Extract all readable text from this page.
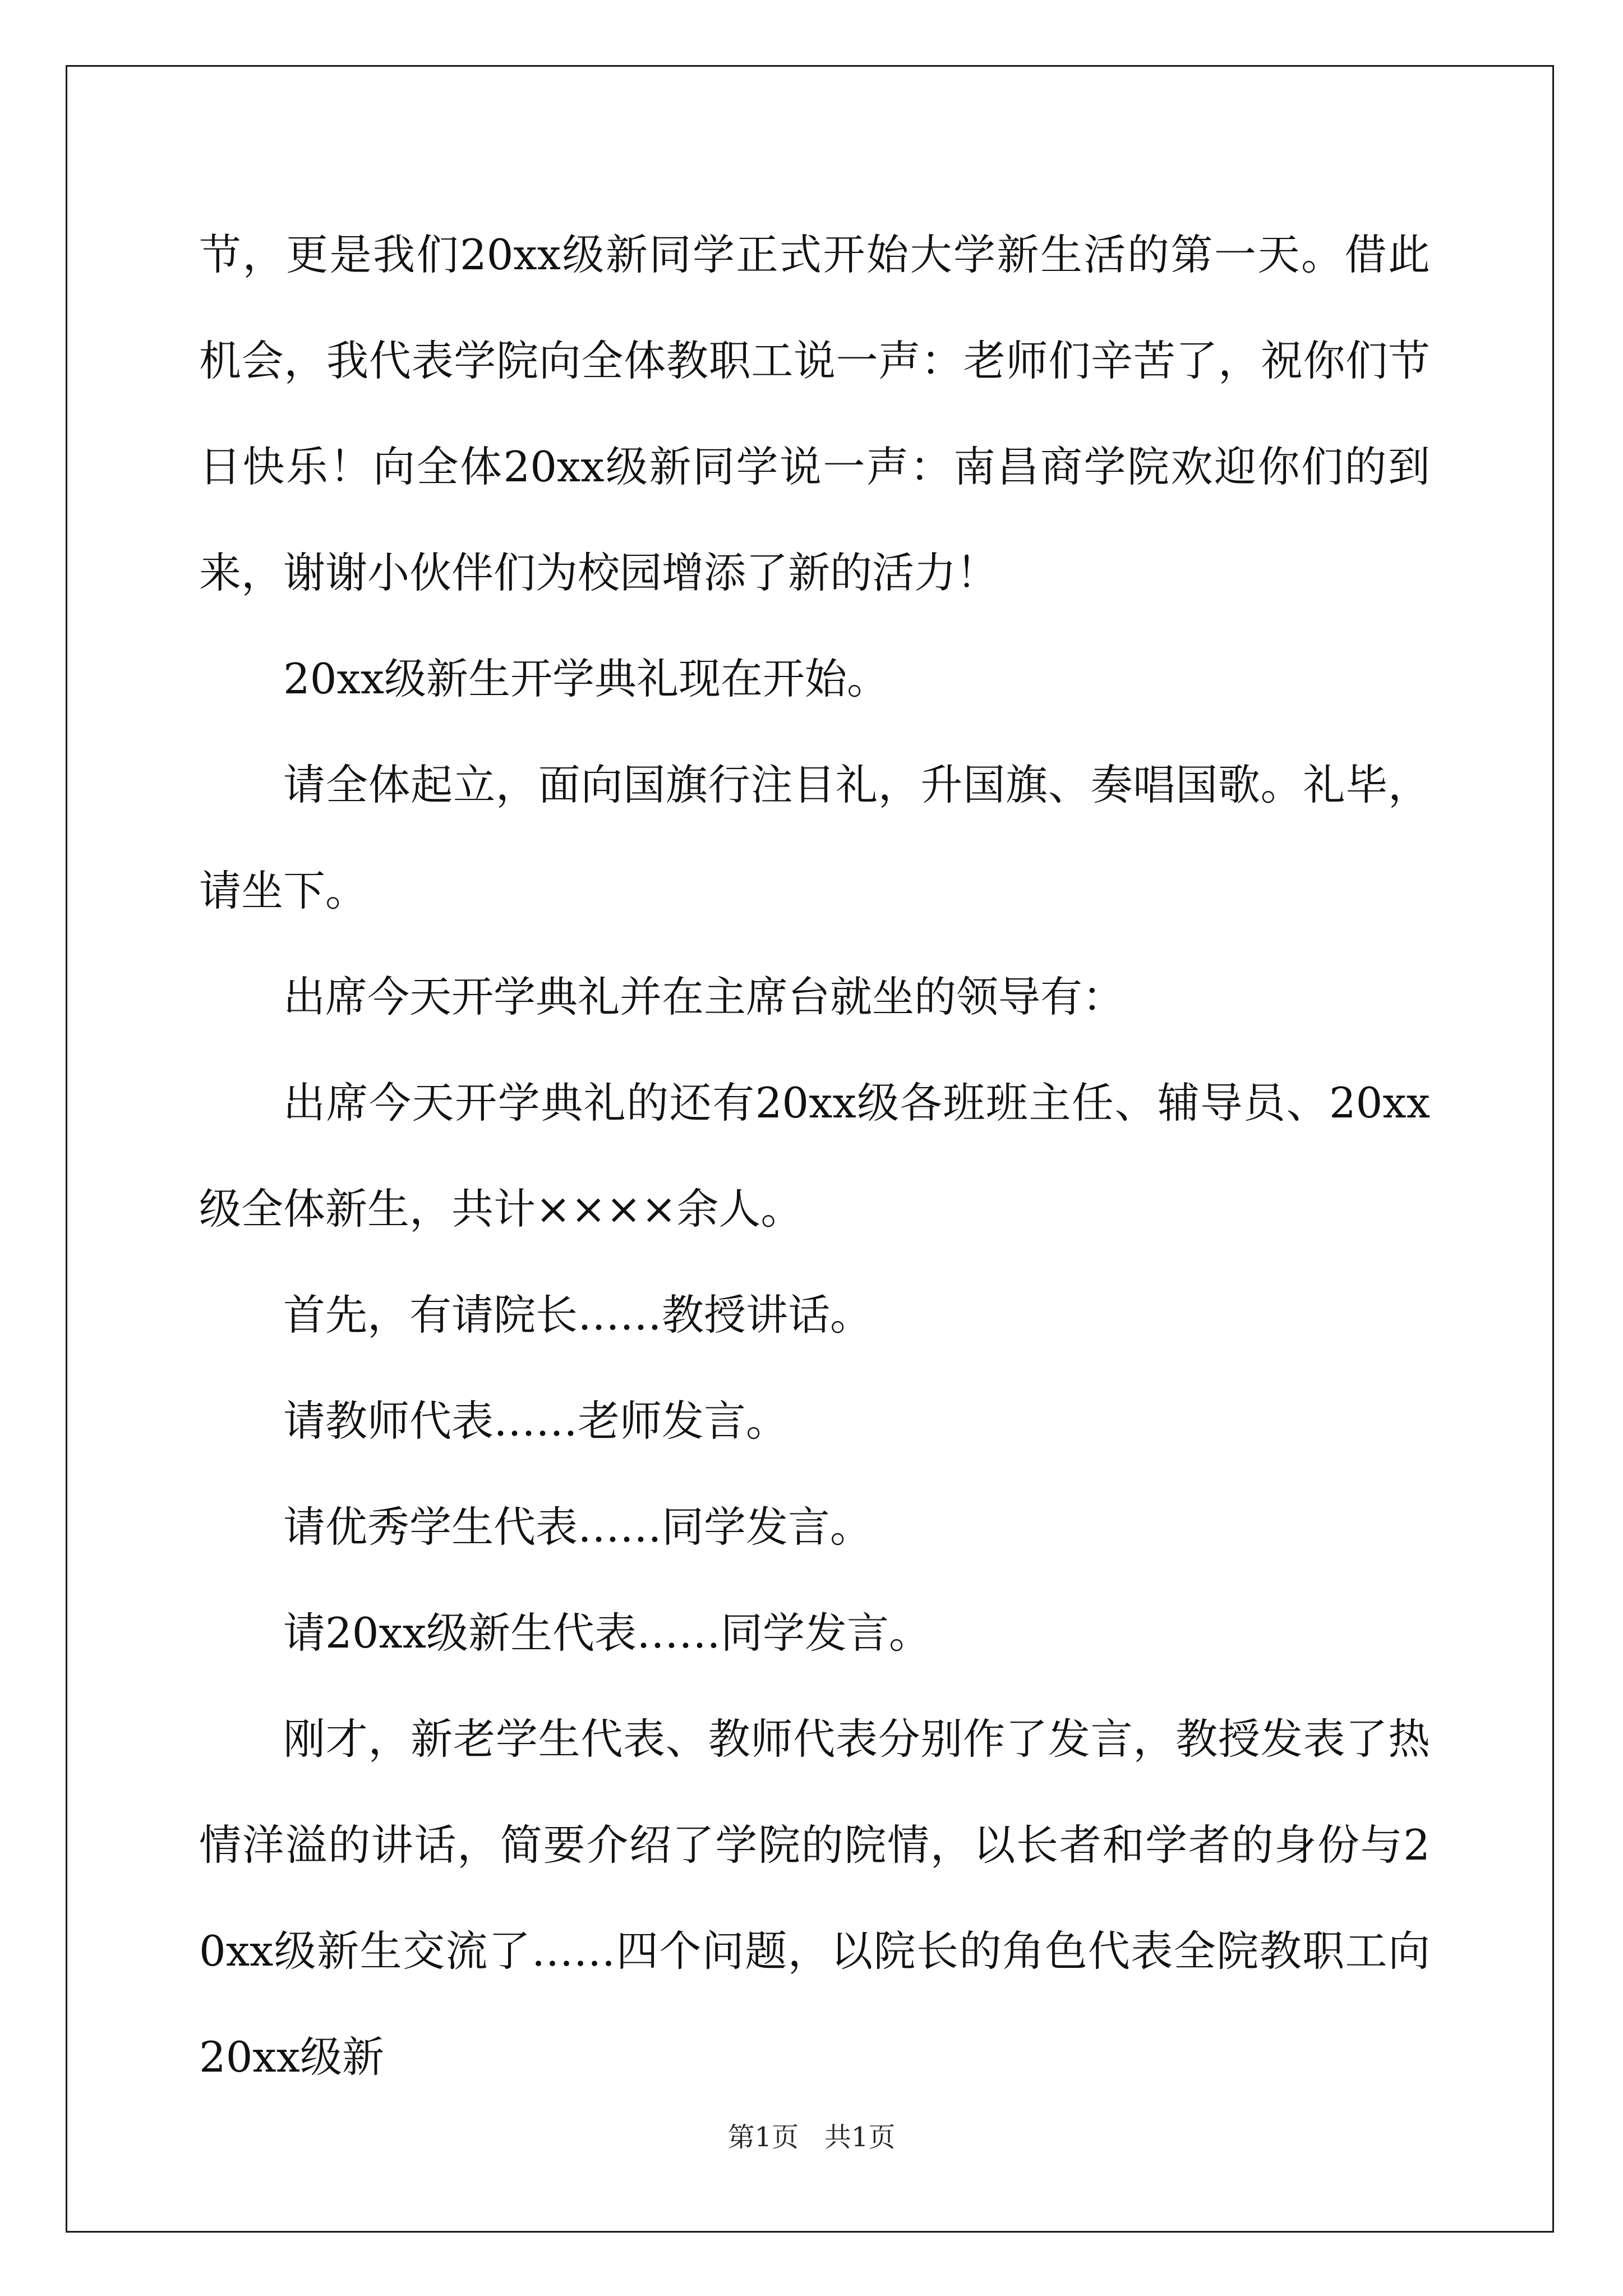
节，更是我们20xx级新同学正式开始大学新生活的第一天。借此机会，我代表学院向全体教职工说一声：老师们辛苦了，祝你们节日快乐！向全体20xx级新同学说一声：南昌商学院欢迎你们的到来，谢谢小伙伴们为校园增添了新的活力！

20xx级新生开学典礼现在开始。

请全体起立，面向国旗行注目礼，升国旗、奏唱国歌。礼毕，请坐下。

出席今天开学典礼并在主席台就坐的领导有：

出席今天开学典礼的还有20xx级各班班主任、辅导员、20xx级全体新生，共计××××余人。

首先，有请院长……教授讲话。

请教师代表……老师发言。

请优秀学生代表……同学发言。

请20xx级新生代表……同学发言。

刚才，新老学生代表、教师代表分别作了发言，教授发表了热情洋溢的讲话，简要介绍了学院的院情，以长者和学者的身份与20xx级新生交流了……四个问题，以院长的角色代表全院教职工向20xx级新

第1页 共1页
